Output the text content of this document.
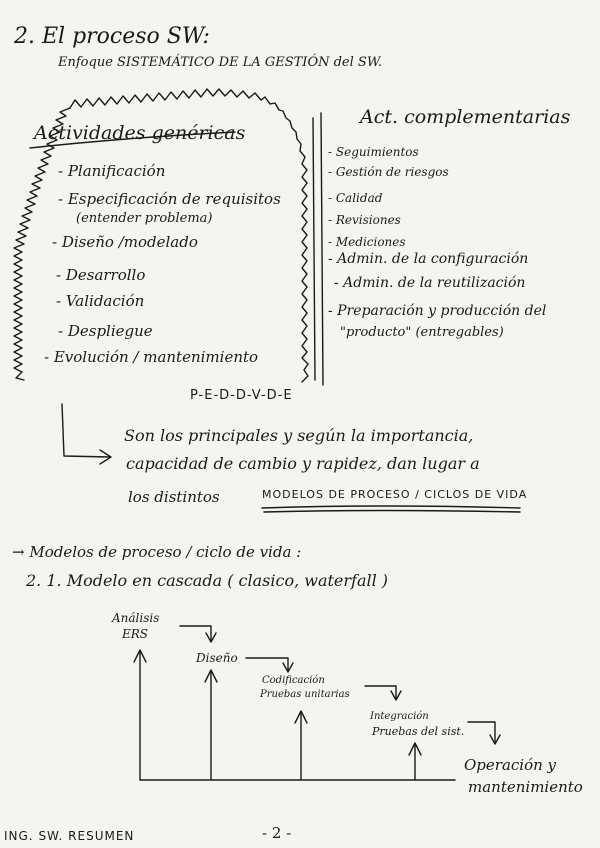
2. El proceso SW:
Enfoque SISTEMÁTICO DE LA GESTIÓN del SW.
Actividades genéricas
- Planificación
- Especificación de requisitos
(entender problema)
- Diseño /modelado
- Desarrollo
- Validación
- Despliegue
- Evolución / mantenimiento
P-E-D-D-V-D-E
Act. complementarias
- Seguimientos
- Gestión de riesgos
- Calidad
- Revisiones
- Mediciones
- Admin. de la configuración
- Admin. de la reutilización
- Preparación y producción del
"producto" (entregables)
Son los principales y según la importancia,
capacidad de cambio y rapidez, dan lugar a
los distintos	MODELOS DE PROCESO / CICLOS DE VIDA
→ Modelos de proceso / ciclo de vida :
2. 1. Modelo en cascada ( clasico, waterfall )
Análisis
ERS
Diseño
Codificación
Pruebas unitarias
Integración
Pruebas del sist.
Operación y
mantenimiento
ING. SW. RESUMEN	- 2 -
